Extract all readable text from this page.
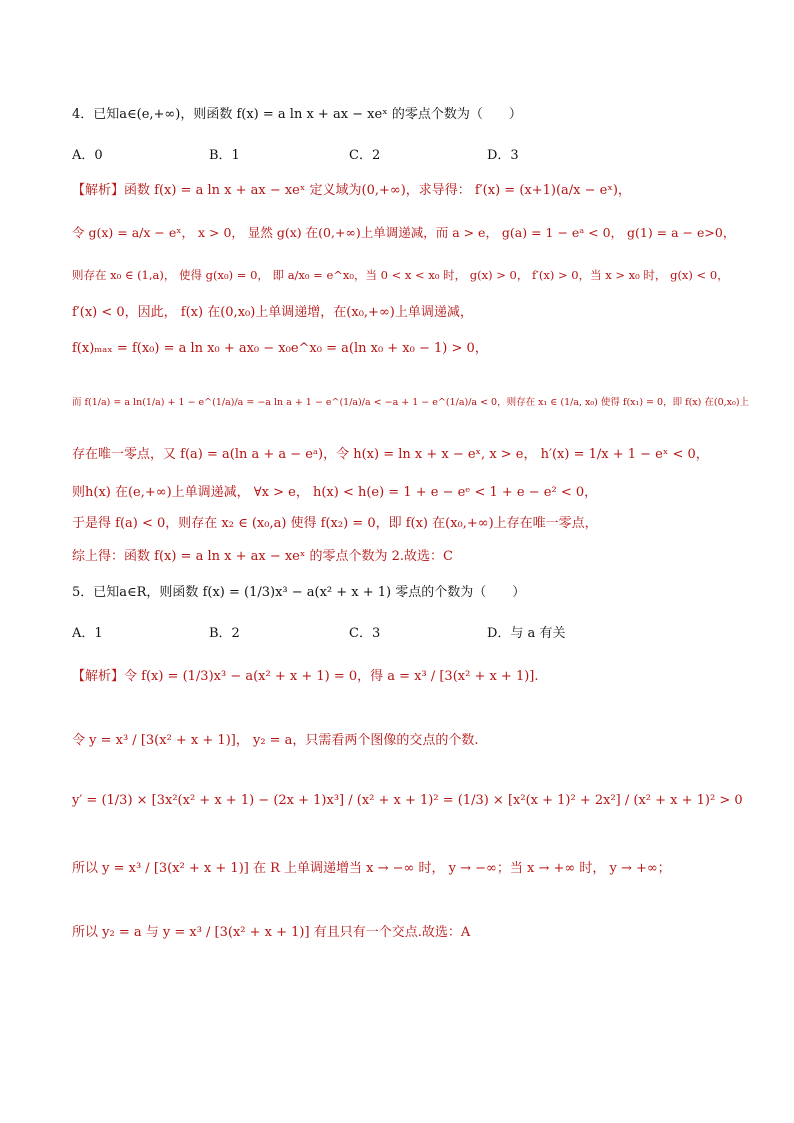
4．已知a∈(e,+∞)，则函数 f(x) = a ln x + ax − xeˣ 的零点个数为（　　）
A．0	B．1	C．2	D．3
【解析】函数 f(x) = a ln x + ax − xeˣ 定义域为(0,+∞)，求导得： f′(x) = (x+1)(a/x − eˣ)，
令 g(x) = a/x − eˣ， x > 0， 显然 g(x) 在(0,+∞)上单调递减，而 a > e， g(a) = 1 − eᵃ < 0， g(1) = a − e>0，
则存在 x₀ ∈ (1,a)， 使得 g(x₀) = 0， 即 a/x₀ = e^x₀，当 0 < x < x₀ 时， g(x) > 0， f′(x) > 0，当 x > x₀ 时， g(x) < 0，
f′(x) < 0，因此， f(x) 在(0,x₀)上单调递增，在(x₀,+∞)上单调递减，
f(x)ₘₐₓ = f(x₀) = a ln x₀ + ax₀ − x₀e^x₀ = a(ln x₀ + x₀ − 1) > 0，
而 f(1/a) = a ln(1/a) + 1 − e^(1/a)/a = −a ln a + 1 − e^(1/a)/a < −a + 1 − e^(1/a)/a < 0，则存在 x₁ ∈ (1/a, x₀) 使得 f(x₁) = 0，即 f(x) 在(0,x₀)上
存在唯一零点，又 f(a) = a(ln a + a − eᵃ)，令 h(x) = ln x + x − eˣ, x > e， h′(x) = 1/x + 1 − eˣ < 0，
则h(x) 在(e,+∞)上单调递减， ∀x > e， h(x) < h(e) = 1 + e − eᵉ < 1 + e − e² < 0，
于是得 f(a) < 0，则存在 x₂ ∈ (x₀,a) 使得 f(x₂) = 0，即 f(x) 在(x₀,+∞)上存在唯一零点，
综上得：函数 f(x) = a ln x + ax − xeˣ 的零点个数为 2.故选：C
5．已知a∈R，则函数 f(x) = (1/3)x³ − a(x² + x + 1) 零点的个数为（　　）
A．1	B．2	C．3	D．与 a 有关
【解析】令 f(x) = (1/3)x³ − a(x² + x + 1) = 0，得 a = x³ / [3(x² + x + 1)].
令 y = x³ / [3(x² + x + 1)]， y₂ = a，只需看两个图像的交点的个数.
y′ = (1/3) × [3x²(x² + x + 1) − (2x + 1)x³] / (x² + x + 1)² = (1/3) × [x²(x + 1)² + 2x²] / (x² + x + 1)² > 0
所以 y = x³ / [3(x² + x + 1)] 在 R 上单调递增当 x → −∞ 时， y → −∞；当 x → +∞ 时， y → +∞；
所以 y₂ = a 与 y = x³ / [3(x² + x + 1)] 有且只有一个交点.故选：A
